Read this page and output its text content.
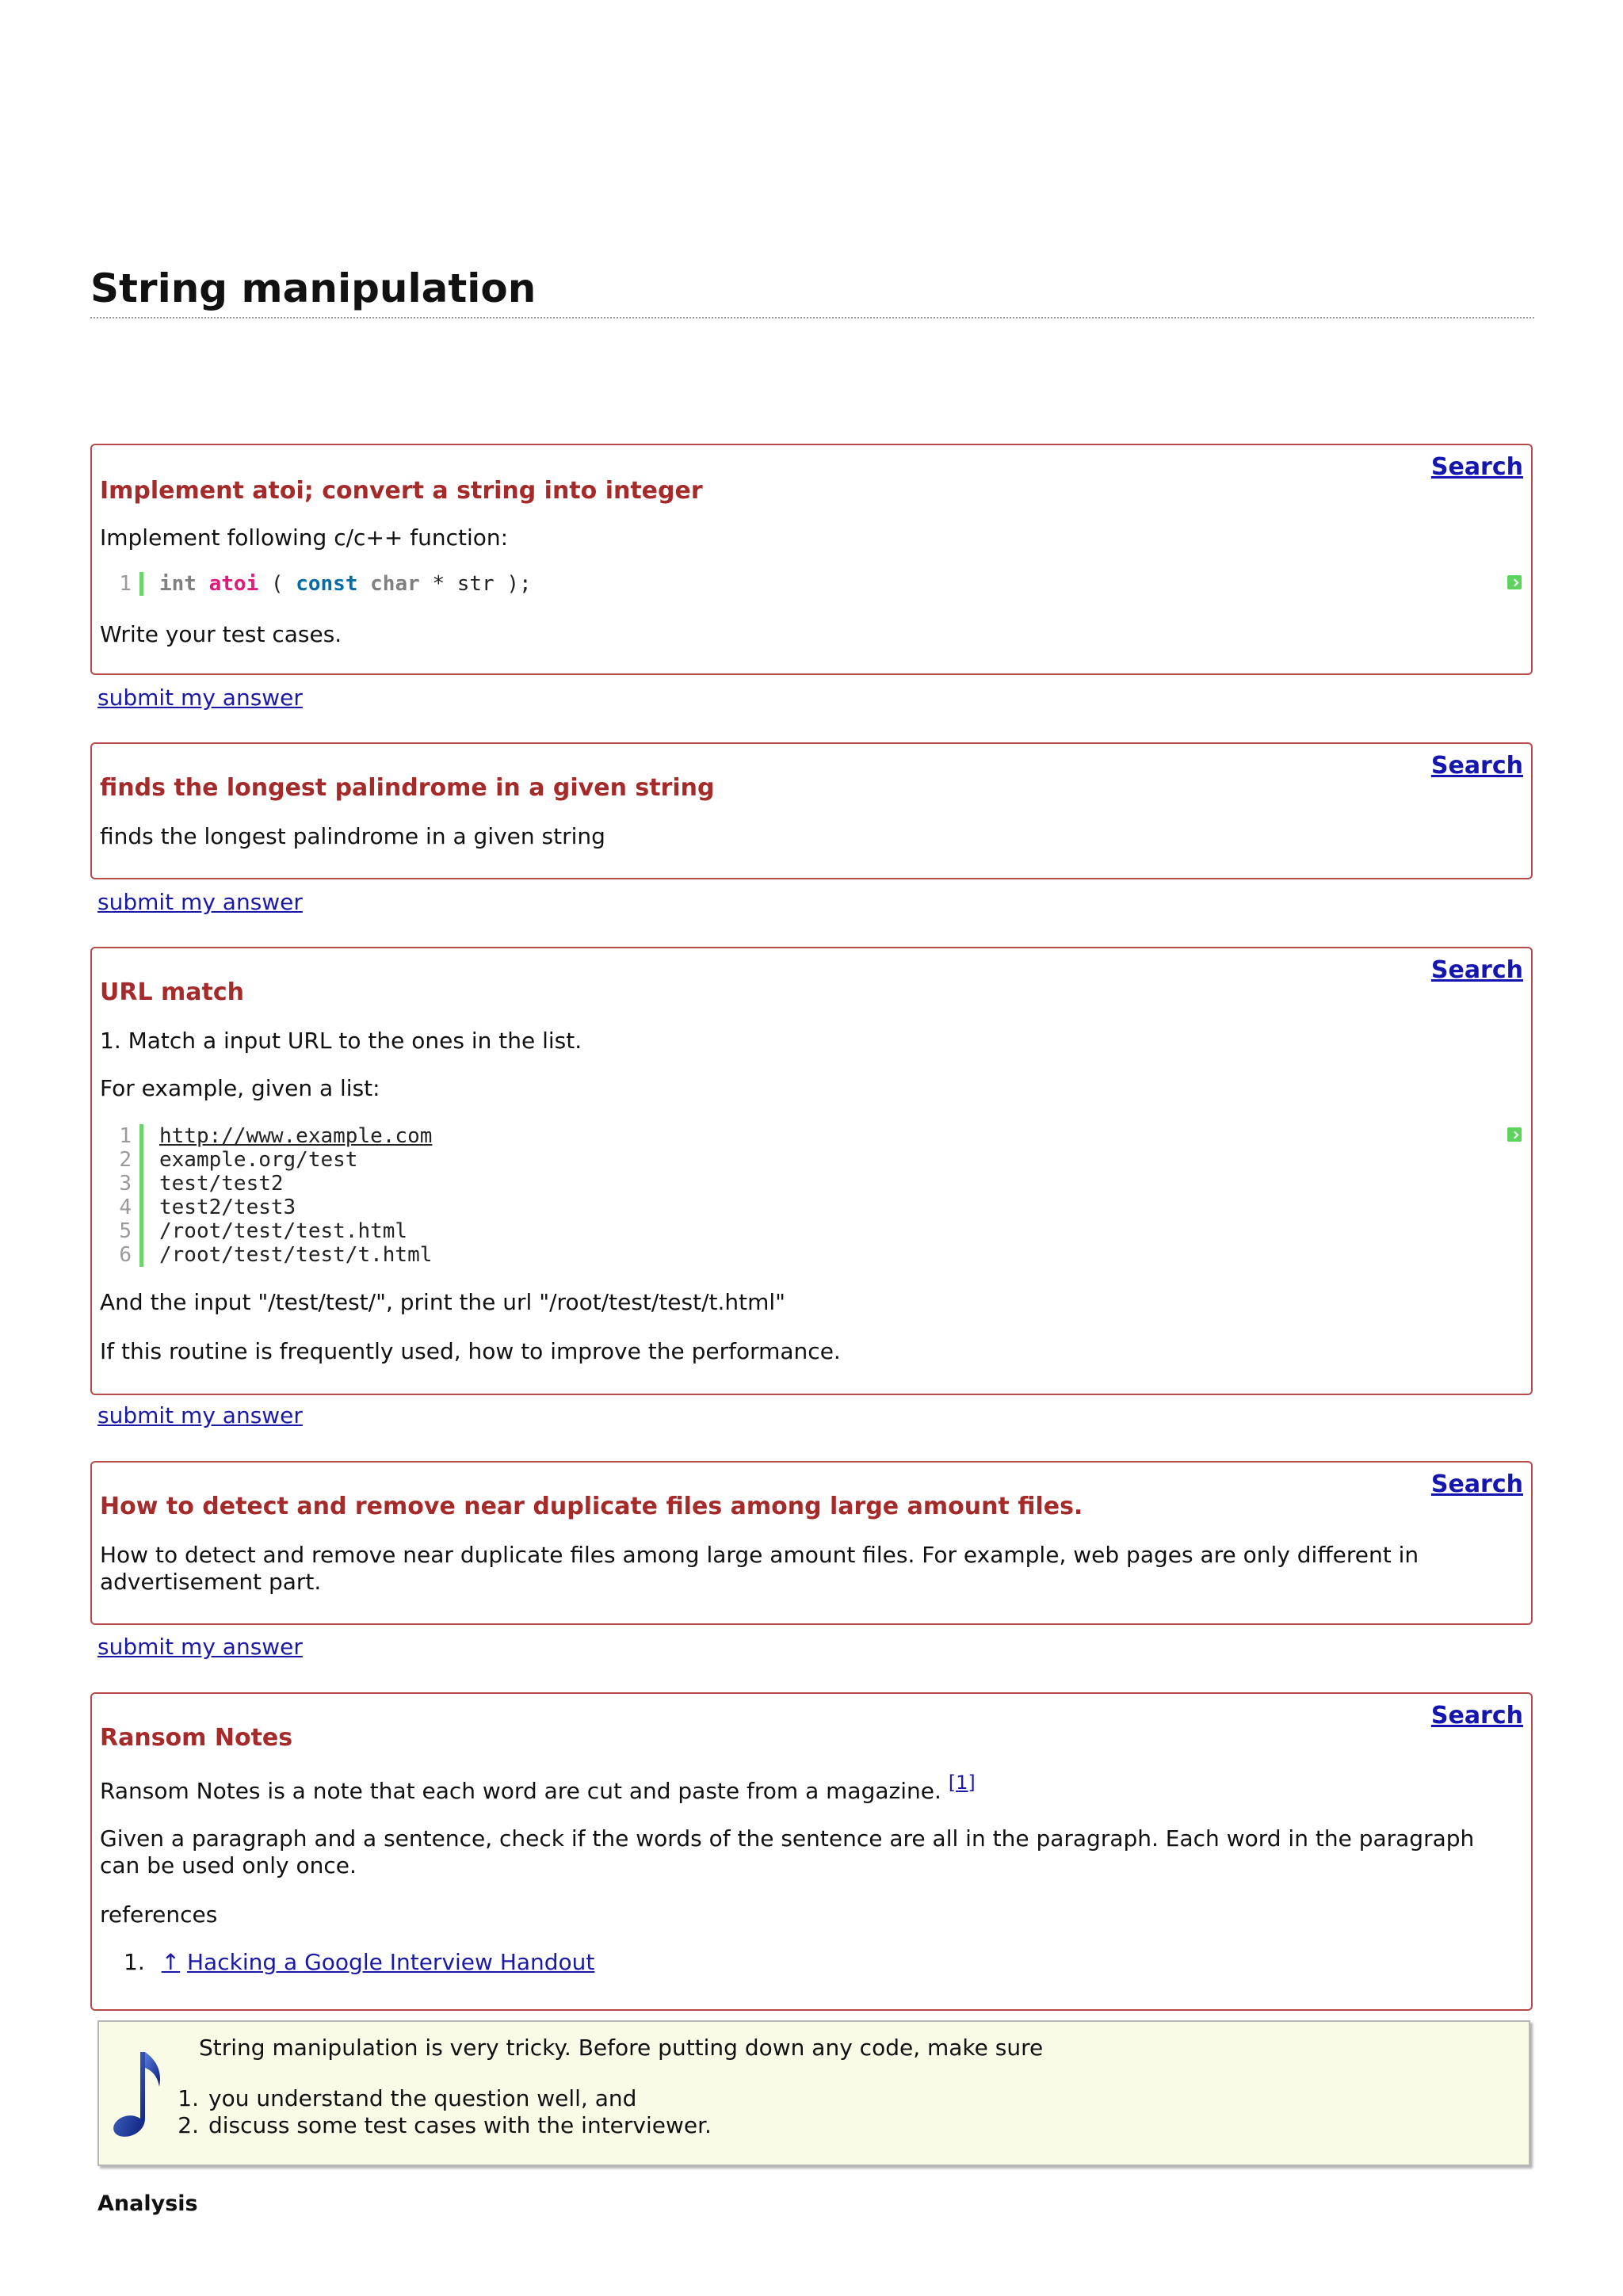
String manipulation
Search
Implement atoi; convert a string into integer
Implement following c/c++ function:
1 int atoi ( const char * str );
Write your test cases.
submit my answer
Search
finds the longest palindrome in a given string
finds the longest palindrome in a given string
submit my answer
Search
URL match
1. Match a input URL to the ones in the list.
For example, given a list:
1 http://www.example.com
2 example.org/test
3 test/test2
4 test2/test3
5 /root/test/test.html
6 /root/test/test/t.html
And the input "/test/test/", print the url "/root/test/test/t.html"
If this routine is frequently used, how to improve the performance.
submit my answer
Search
How to detect and remove near duplicate files among large amount files.
How to detect and remove near duplicate files among large amount files. For example, web pages are only different in advertisement part.
submit my answer
Search
Ransom Notes
Ransom Notes is a note that each word are cut and paste from a magazine. [1]
Given a paragraph and a sentence, check if the words of the sentence are all in the paragraph. Each word in the paragraph can be used only once.
references
1. ↑ Hacking a Google Interview Handout
String manipulation is very tricky. Before putting down any code, make sure
1. you understand the question well, and
2. discuss some test cases with the interviewer.
Analysis
